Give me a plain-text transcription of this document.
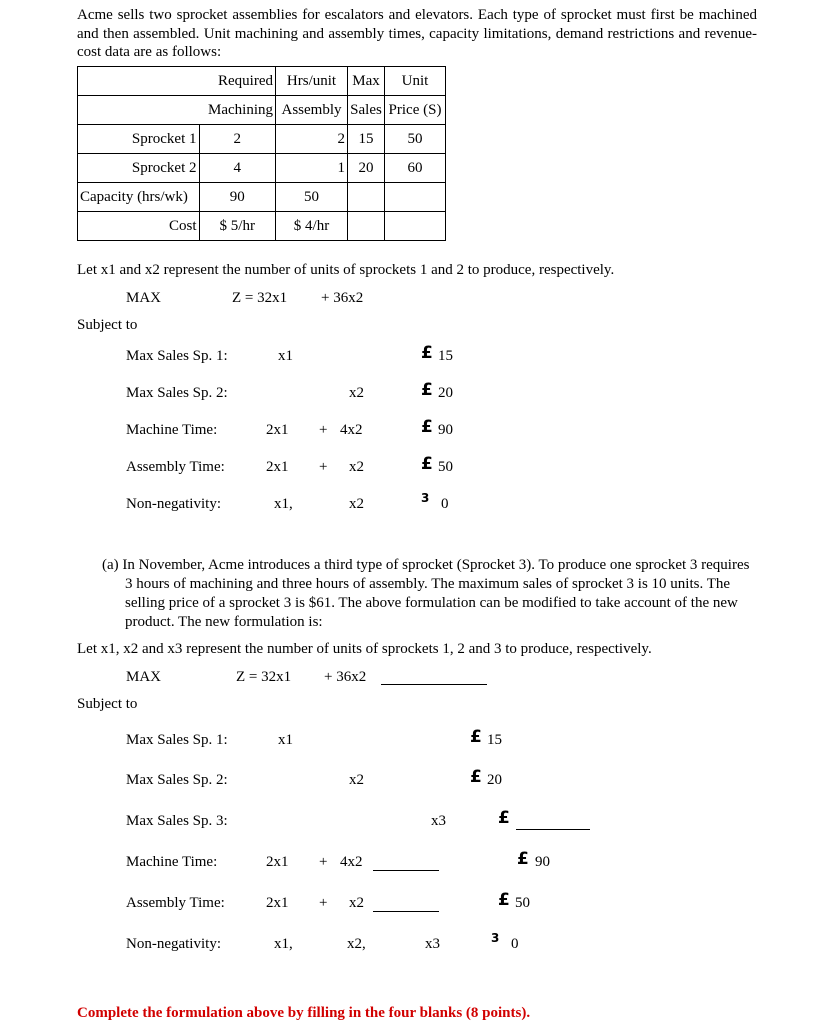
Acme sells two sprocket assemblies for escalators and elevators. Each type of sprocket must first be machined and then assembled. Unit machining and assembly times, capacity limitations, demand restrictions and revenue-cost data are as follows:
	Required	Hrs/unit	Max	Unit
	Machining	Assembly	Sales	Price (S)
Sprocket 1	2	2	15	50
Sprocket 2	4	1	20	60
Capacity (hrs/wk)	90	50		
Cost	$ 5/hr	$ 4/hr		
Let x1 and x2 represent the number of units of sprockets 1 and 2 to produce, respectively.
MAX	Z = 32x1 + 36x2
Subject to
Max Sales Sp. 1:	x1	£ 15
Max Sales Sp. 2:	x2	£ 20
Machine Time:	2x1 + 4x2	£ 90
Assembly Time:	2x1 + x2	£ 50
Non-negativity:	x1,	x2	3 0
(a) In November, Acme introduces a third type of sprocket (Sprocket 3). To produce one sprocket 3 requires 3 hours of machining and three hours of assembly. The maximum sales of sprocket 3 is 10 units. The selling price of a sprocket 3 is $61. The above formulation can be modified to take account of the new product. The new formulation is:
Let x1, x2 and x3 represent the number of units of sprockets 1, 2 and 3 to produce, respectively.
MAX	Z = 32x1 + 36x2
Subject to
Max Sales Sp. 1:	x1	£ 15
Max Sales Sp. 2:	x2	£ 20
Max Sales Sp. 3:	x3	£
Machine Time:	2x1 + 4x2	£ 90
Assembly Time:	2x1 + x2	£ 50
Non-negativity:	x1,	x2,	x3	3 0
Complete the formulation above by filling in the four blanks (8 points).
